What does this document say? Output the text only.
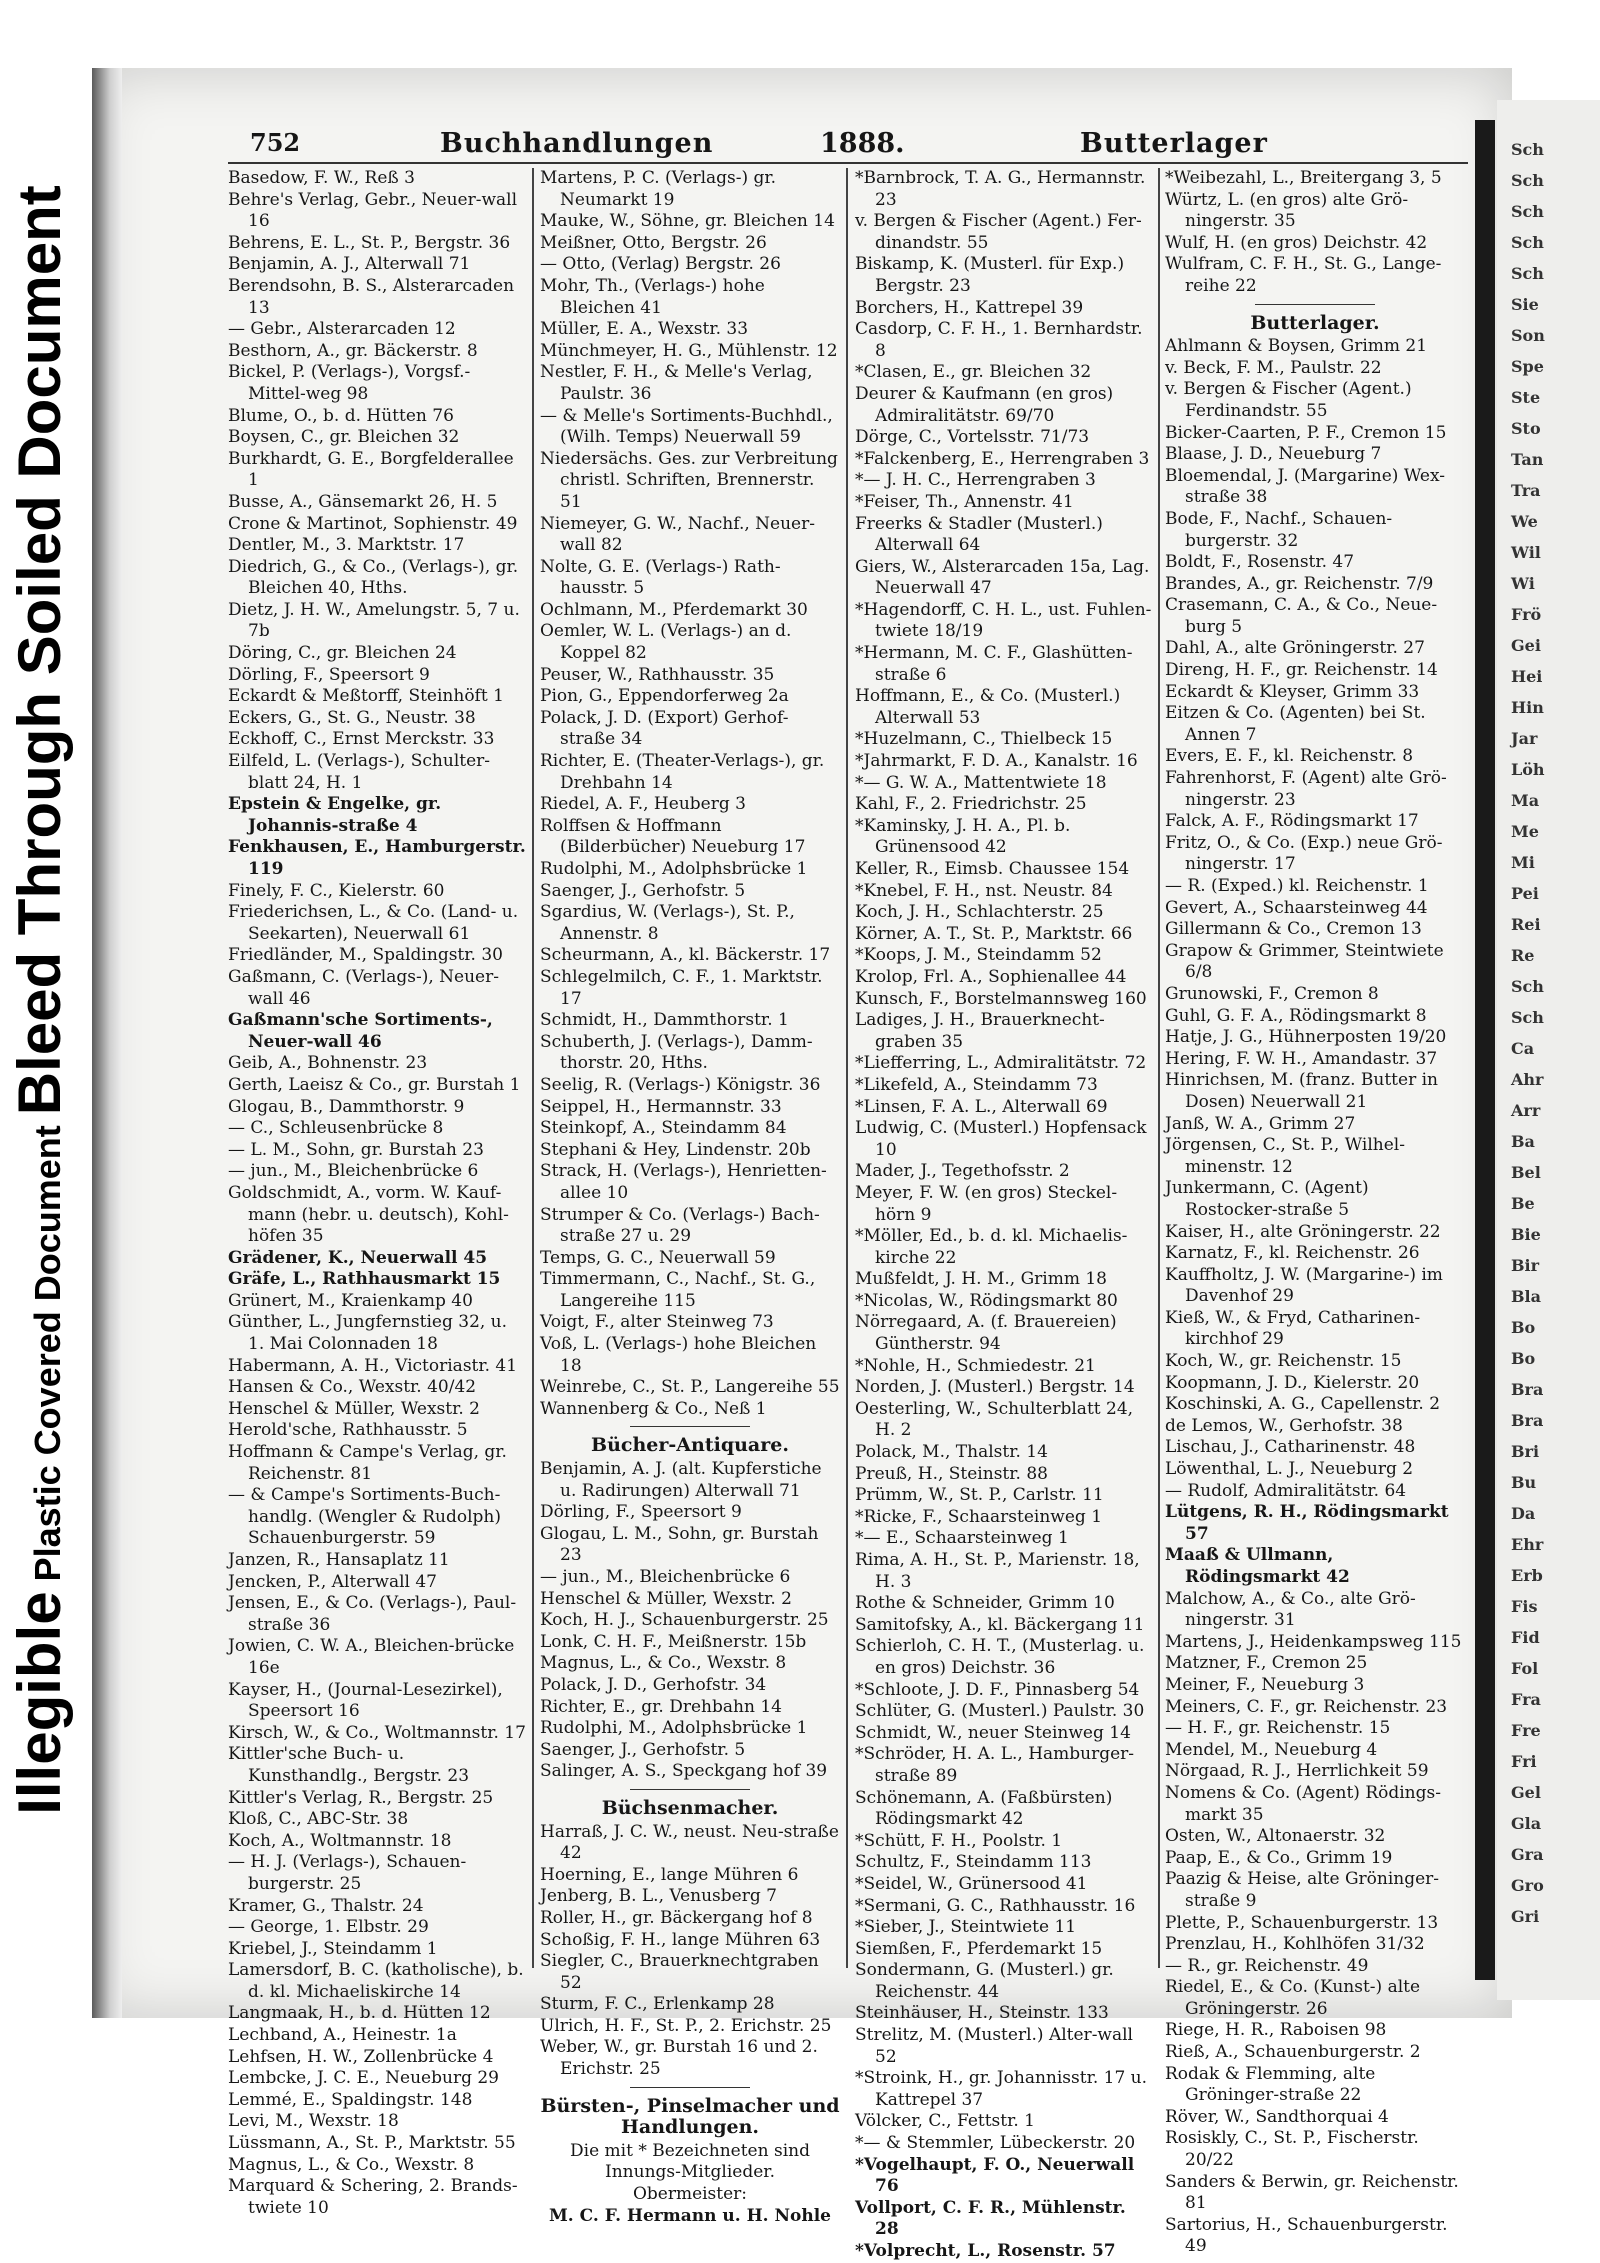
Illegible Plastic Covered Document Bleed Through Soiled Document
Sch
Sch
Sch
Sch
Sch
Sie
Son
Spe
Ste
Sto
Tan
Tra
We
Wil
Wi
Frö
Gei
Hei
Hin
Jar
Löh
Ma
Me
Mi
Pei
Rei
Re
Sch
Sch
Ca
Ahr
Arr
Ba
Bel
Be
Bie
Bir
Bla
Bo
Bo
Bra
Bra
Bri
Bu
Da
Ehr
Erb
Fis
Fid
Fol
Fra
Fre
Fri
Gel
Gla
Gra
Gro
Gri
752	Buchhandlungen	1888.	Butterlager

Basedow, F. W., Reß 3

Behre's Verlag, Gebr., Neuer-wall 16

Behrens, E. L., St. P., Bergstr. 36

Benjamin, A. J., Alterwall 71

Berendsohn, B. S., Alsterarcaden 13

— Gebr., Alsterarcaden 12

Besthorn, A., gr. Bäckerstr. 8

Bickel, P. (Verlags-), Vorgsf.-Mittel-weg 98

Blume, O., b. d. Hütten 76

Boysen, C., gr. Bleichen 32

Burkhardt, G. E., Borgfelderallee 1

Busse, A., Gänsemarkt 26, H. 5

Crone & Martinot, Sophienstr. 49

Dentler, M., 3. Marktstr. 17

Diedrich, G., & Co., (Verlags-), gr. Bleichen 40, Hths.

Dietz, J. H. W., Amelungstr. 5, 7 u. 7b

Döring, C., gr. Bleichen 24

Dörling, F., Speersort 9

Eckardt & Meßtorff, Steinhöft 1

Eckers, G., St. G., Neustr. 38

Eckhoff, C., Ernst Merckstr. 33

Eilfeld, L. (Verlags-), Schulter-blatt 24, H. 1

Epstein & Engelke, gr. Johannis-straße 4

Fenkhausen, E., Hamburgerstr. 119

Finely, F. C., Kielerstr. 60

Friederichsen, L., & Co. (Land- u. Seekarten), Neuerwall 61

Friedländer, M., Spaldingstr. 30

Gaßmann, C. (Verlags-), Neuer-wall 46

Gaßmann'sche Sortiments-, Neuer-wall 46

Geib, A., Bohnenstr. 23

Gerth, Laeisz & Co., gr. Burstah 1

Glogau, B., Dammthorstr. 9

— C., Schleusenbrücke 8

— L. M., Sohn, gr. Burstah 23

— jun., M., Bleichenbrücke 6

Goldschmidt, A., vorm. W. Kauf-mann (hebr. u. deutsch), Kohl-höfen 35

Grädener, K., Neuerwall 45

Gräfe, L., Rathhausmarkt 15

Grünert, M., Kraienkamp 40

Günther, L., Jungfernstieg 32, u. 1. Mai Colonnaden 18

Habermann, A. H., Victoriastr. 41

Hansen & Co., Wexstr. 40/42

Henschel & Müller, Wexstr. 2

Herold'sche, Rathhausstr. 5

Hoffmann & Campe's Verlag, gr. Reichenstr. 81

— & Campe's Sortiments-Buch-handlg. (Wengler & Rudolph) Schauenburgerstr. 59

Janzen, R., Hansaplatz 11

Jencken, P., Alterwall 47

Jensen, E., & Co. (Verlags-), Paul-straße 36

Jowien, C. W. A., Bleichen-brücke 16e

Kayser, H., (Journal-Lesezirkel), Speersort 16

Kirsch, W., & Co., Woltmannstr. 17

Kittler'sche Buch- u. Kunsthandlg., Bergstr. 23

Kittler's Verlag, R., Bergstr. 25

Kloß, C., ABC-Str. 38

Koch, A., Woltmannstr. 18

— H. J. (Verlags-), Schauen-burgerstr. 25

Kramer, G., Thalstr. 24

— George, 1. Elbstr. 29

Kriebel, J., Steindamm 1

Lamersdorf, B. C. (katholische), b. d. kl. Michaeliskirche 14

Langmaak, H., b. d. Hütten 12

Lechband, A., Heinestr. 1a

Lehfsen, H. W., Zollenbrücke 4

Lembcke, J. C. E., Neueburg 29

Lemmé, E., Spaldingstr. 148

Levi, M., Wexstr. 18

Lüssmann, A., St. P., Marktstr. 55

Magnus, L., & Co., Wexstr. 8

Marquard & Schering, 2. Brands-twiete 10

Martens, P. C. (Verlags-) gr. Neumarkt 19

Mauke, W., Söhne, gr. Bleichen 14

Meißner, Otto, Bergstr. 26

— Otto, (Verlag) Bergstr. 26

Mohr, Th., (Verlags-) hohe Bleichen 41

Müller, E. A., Wexstr. 33

Münchmeyer, H. G., Mühlenstr. 12

Nestler, F. H., & Melle's Verlag, Paulstr. 36

— & Melle's Sortiments-Buchhdl., (Wilh. Temps) Neuerwall 59

Niedersächs. Ges. zur Verbreitung christl. Schriften, Brennerstr. 51

Niemeyer, G. W., Nachf., Neuer-wall 82

Nolte, G. E. (Verlags-) Rath-hausstr. 5

Ochlmann, M., Pferdemarkt 30

Oemler, W. L. (Verlags-) an d. Koppel 82

Peuser, W., Rathhausstr. 35

Pion, G., Eppendorferweg 2a

Polack, J. D. (Export) Gerhof-straße 34

Richter, E. (Theater-Verlags-), gr. Drehbahn 14

Riedel, A. F., Heuberg 3

Rolffsen & Hoffmann (Bilderbücher) Neueburg 17

Rudolphi, M., Adolphsbrücke 1

Saenger, J., Gerhofstr. 5

Sgardius, W. (Verlags-), St. P., Annenstr. 8

Scheurmann, A., kl. Bäckerstr. 17

Schlegelmilch, C. F., 1. Marktstr. 17

Schmidt, H., Dammthorstr. 1

Schuberth, J. (Verlags-), Damm-thorstr. 20, Hths.

Seelig, R. (Verlags-) Königstr. 36

Seippel, H., Hermannstr. 33

Steinkopf, A., Steindamm 84

Stephani & Hey, Lindenstr. 20b

Strack, H. (Verlags-), Henrietten-allee 10

Strumper & Co. (Verlags-) Bach-straße 27 u. 29

Temps, G. C., Neuerwall 59

Timmermann, C., Nachf., St. G., Langereihe 115

Voigt, F., alter Steinweg 73

Voß, L. (Verlags-) hohe Bleichen 18

Weinrebe, C., St. P., Langereihe 55

Wannenberg & Co., Neß 1

Bücher-Antiquare.

Benjamin, A. J. (alt. Kupferstiche u. Radirungen) Alterwall 71

Dörling, F., Speersort 9

Glogau, L. M., Sohn, gr. Burstah 23

— jun., M., Bleichenbrücke 6

Henschel & Müller, Wexstr. 2

Koch, H. J., Schauenburgerstr. 25

Lonk, C. H. F., Meißnerstr. 15b

Magnus, L., & Co., Wexstr. 8

Polack, J. D., Gerhofstr. 34

Richter, E., gr. Drehbahn 14

Rudolphi, M., Adolphsbrücke 1

Saenger, J., Gerhofstr. 5

Salinger, A. S., Speckgang hof 39

Büchsenmacher.

Harraß, J. C. W., neust. Neu-straße 42

Hoerning, E., lange Mühren 6

Jenberg, B. L., Venusberg 7

Roller, H., gr. Bäckergang hof 8

Schoßig, F. H., lange Mühren 63

Siegler, C., Brauerknechtgraben 52

Sturm, F. C., Erlenkamp 28

Ulrich, H. F., St. P., 2. Erichstr. 25

Weber, W., gr. Burstah 16 und 2. Erichstr. 25

Bürsten-, Pinselmacher und Handlungen.

Die mit * Bezeichneten sind Innungs-Mitglieder.

Obermeister:

M. C. F. Hermann u. H. Nohle

*Barnbrock, T. A. G., Hermannstr. 23

v. Bergen & Fischer (Agent.) Fer-dinandstr. 55

Biskamp, K. (Musterl. für Exp.) Bergstr. 23

Borchers, H., Kattrepel 39

Casdorp, C. F. H., 1. Bernhardstr. 8

*Clasen, E., gr. Bleichen 32

Deurer & Kaufmann (en gros) Admiralitätstr. 69/70

Dörge, C., Vortelsstr. 71/73

*Falckenberg, E., Herrengraben 3

*— J. H. C., Herrengraben 3

*Feiser, Th., Annenstr. 41

Freerks & Stadler (Musterl.) Alterwall 64

Giers, W., Alsterarcaden 15a, Lag. Neuerwall 47

*Hagendorff, C. H. L., ust. Fuhlen-twiete 18/19

*Hermann, M. C. F., Glashütten-straße 6

Hoffmann, E., & Co. (Musterl.) Alterwall 53

*Huzelmann, C., Thielbeck 15

*Jahrmarkt, F. D. A., Kanalstr. 16

*— G. W. A., Mattentwiete 18

Kahl, F., 2. Friedrichstr. 25

*Kaminsky, J. H. A., Pl. b. Grünensood 42

Keller, R., Eimsb. Chaussee 154

*Knebel, F. H., nst. Neustr. 84

Koch, J. H., Schlachterstr. 25

Körner, A. T., St. P., Marktstr. 66

*Koops, J. M., Steindamm 52

Krolop, Frl. A., Sophienallee 44

Kunsch, F., Borstelmannsweg 160

Ladiges, J. H., Brauerknecht-graben 35

*Liefferring, L., Admiralitätstr. 72

*Likefeld, A., Steindamm 73

*Linsen, F. A. L., Alterwall 69

Ludwig, C. (Musterl.) Hopfensack 10

Mader, J., Tegethofsstr. 2

Meyer, F. W. (en gros) Steckel-hörn 9

*Möller, Ed., b. d. kl. Michaelis-kirche 22

Mußfeldt, J. H. M., Grimm 18

*Nicolas, W., Rödingsmarkt 80

Nörregaard, A. (f. Brauereien) Güntherstr. 94

*Nohle, H., Schmiedestr. 21

Norden, J. (Musterl.) Bergstr. 14

Oesterling, W., Schulterblatt 24, H. 2

Polack, M., Thalstr. 14

Preuß, H., Steinstr. 88

Prümm, W., St. P., Carlstr. 11

*Ricke, F., Schaarsteinweg 1

*— E., Schaarsteinweg 1

Rima, A. H., St. P., Marienstr. 18, H. 3

Rothe & Schneider, Grimm 10

Samitofsky, A., kl. Bäckergang 11

Schierloh, C. H. T., (Musterlag. u. en gros) Deichstr. 36

*Schloote, J. D. F., Pinnasberg 54

Schlüter, G. (Musterl.) Paulstr. 30

Schmidt, W., neuer Steinweg 14

*Schröder, H. A. L., Hamburger-straße 89

Schönemann, A. (Faßbürsten) Rödingsmarkt 42

*Schütt, F. H., Poolstr. 1

Schultz, F., Steindamm 113

*Seidel, W., Grünersood 41

*Sermani, G. C., Rathhausstr. 16

*Sieber, J., Steintwiete 11

Siemßen, F., Pferdemarkt 15

Sondermann, G. (Musterl.) gr. Reichenstr. 44

Steinhäuser, H., Steinstr. 133

Strelitz, M. (Musterl.) Alter-wall 52

*Stroink, H., gr. Johannisstr. 17 u. Kattrepel 37

Völcker, C., Fettstr. 1

*— & Stemmler, Lübeckerstr. 20

*Vogelhaupt, F. O., Neuerwall 76

Vollport, C. F. R., Mühlenstr. 28

*Volprecht, L., Rosenstr. 57

*Weibezahl, L., Breitergang 3, 5

Würtz, L. (en gros) alte Grö-ningerstr. 35

Wulf, H. (en gros) Deichstr. 42

Wulfram, C. F. H., St. G., Lange-reihe 22

Butterlager.

Ahlmann & Boysen, Grimm 21

v. Beck, F. M., Paulstr. 22

v. Bergen & Fischer (Agent.) Ferdinandstr. 55

Bicker-Caarten, P. F., Cremon 15

Blaase, J. D., Neueburg 7

Bloemendal, J. (Margarine) Wex-straße 38

Bode, F., Nachf., Schauen-burgerstr. 32

Boldt, F., Rosenstr. 47

Brandes, A., gr. Reichenstr. 7/9

Crasemann, C. A., & Co., Neue-burg 5

Dahl, A., alte Gröningerstr. 27

Direng, H. F., gr. Reichenstr. 14

Eckardt & Kleyser, Grimm 33

Eitzen & Co. (Agenten) bei St. Annen 7

Evers, E. F., kl. Reichenstr. 8

Fahrenhorst, F. (Agent) alte Grö-ningerstr. 23

Falck, A. F., Rödingsmarkt 17

Fritz, O., & Co. (Exp.) neue Grö-ningerstr. 17

— R. (Exped.) kl. Reichenstr. 1

Gevert, A., Schaarsteinweg 44

Gillermann & Co., Cremon 13

Grapow & Grimmer, Steintwiete 6/8

Grunowski, F., Cremon 8

Guhl, G. F. A., Rödingsmarkt 8

Hatje, J. G., Hühnerposten 19/20

Hering, F. W. H., Amandastr. 37

Hinrichsen, M. (franz. Butter in Dosen) Neuerwall 21

Janß, W. A., Grimm 27

Jörgensen, C., St. P., Wilhel-minenstr. 12

Junkermann, C. (Agent) Rostocker-straße 5

Kaiser, H., alte Gröningerstr. 22

Karnatz, F., kl. Reichenstr. 26

Kauffholtz, J. W. (Margarine-) im Davenhof 29

Kieß, W., & Fryd, Catharinen-kirchhof 29

Koch, W., gr. Reichenstr. 15

Koopmann, J. D., Kielerstr. 20

Koschinski, A. G., Capellenstr. 2

de Lemos, W., Gerhofstr. 38

Lischau, J., Catharinenstr. 48

Löwenthal, L. J., Neueburg 2

— Rudolf, Admiralitätstr. 64

Lütgens, R. H., Rödingsmarkt 57

Maaß & Ullmann, Rödingsmarkt 42

Malchow, A., & Co., alte Grö-ningerstr. 31

Martens, J., Heidenkampsweg 115

Matzner, F., Cremon 25

Meiner, F., Neueburg 3

Meiners, C. F., gr. Reichenstr. 23

— H. F., gr. Reichenstr. 15

Mendel, M., Neueburg 4

Nörgaad, R. J., Herrlichkeit 59

Nomens & Co. (Agent) Rödings-markt 35

Osten, W., Altonaerstr. 32

Paap, E., & Co., Grimm 19

Paazig & Heise, alte Gröninger-straße 9

Plette, P., Schauenburgerstr. 13

Prenzlau, H., Kohlhöfen 31/32

— R., gr. Reichenstr. 49

Riedel, E., & Co. (Kunst-) alte Gröningerstr. 26

Riege, H. R., Raboisen 98

Rieß, A., Schauenburgerstr. 2

Rodak & Flemming, alte Gröninger-straße 22

Röver, W., Sandthorquai 4

Rosiskly, C., St. P., Fischerstr. 20/22

Sanders & Berwin, gr. Reichenstr. 81

Sartorius, H., Schauenburgerstr. 49
